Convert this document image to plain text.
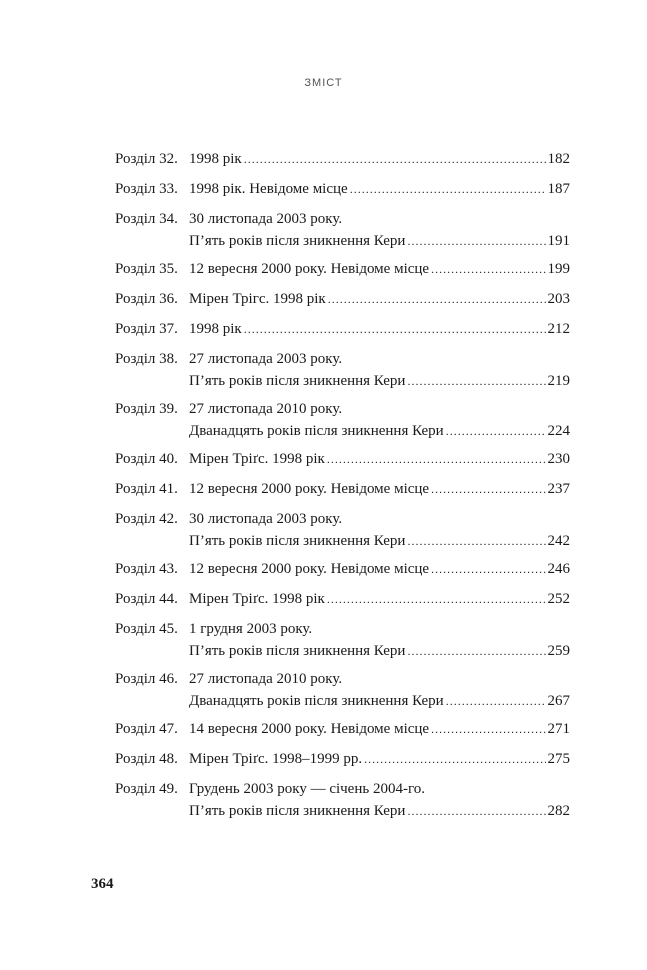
ЗМІСТ
Розділ 32. 1998 рік .....	182
Розділ 33. 1998 рік. Невідоме місце .....	187
Розділ 34. 30 листопада 2003 року.
П’ять років після зникнення Кери .....	191
Розділ 35. 12 вересня 2000 року. Невідоме місце .....	199
Розділ 36. Мірен Трігс. 1998 рік .....	203
Розділ 37. 1998 рік .....	212
Розділ 38. 27 листопада 2003 року.
П’ять років після зникнення Кери .....	219
Розділ 39. 27 листопада 2010 року.
Дванадцять років після зникнення Кери .....	224
Розділ 40. Мірен Тріґс. 1998 рік .....	230
Розділ 41. 12 вересня 2000 року. Невідоме місце .....	237
Розділ 42. 30 листопада 2003 року.
П’ять років після зникнення Кери .....	242
Розділ 43. 12 вересня 2000 року. Невідоме місце .....	246
Розділ 44. Мірен Тріґс. 1998 рік .....	252
Розділ 45. 1 грудня 2003 року.
П’ять років після зникнення Кери .....	259
Розділ 46. 27 листопада 2010 року.
Дванадцять років після зникнення Кери .....	267
Розділ 47. 14 вересня 2000 року. Невідоме місце .....	271
Розділ 48. Мірен Тріґс. 1998–1999 рр. .....	275
Розділ 49. Грудень 2003 року — січень 2004-го.
П’ять років після зникнення Кери .....	282
364
